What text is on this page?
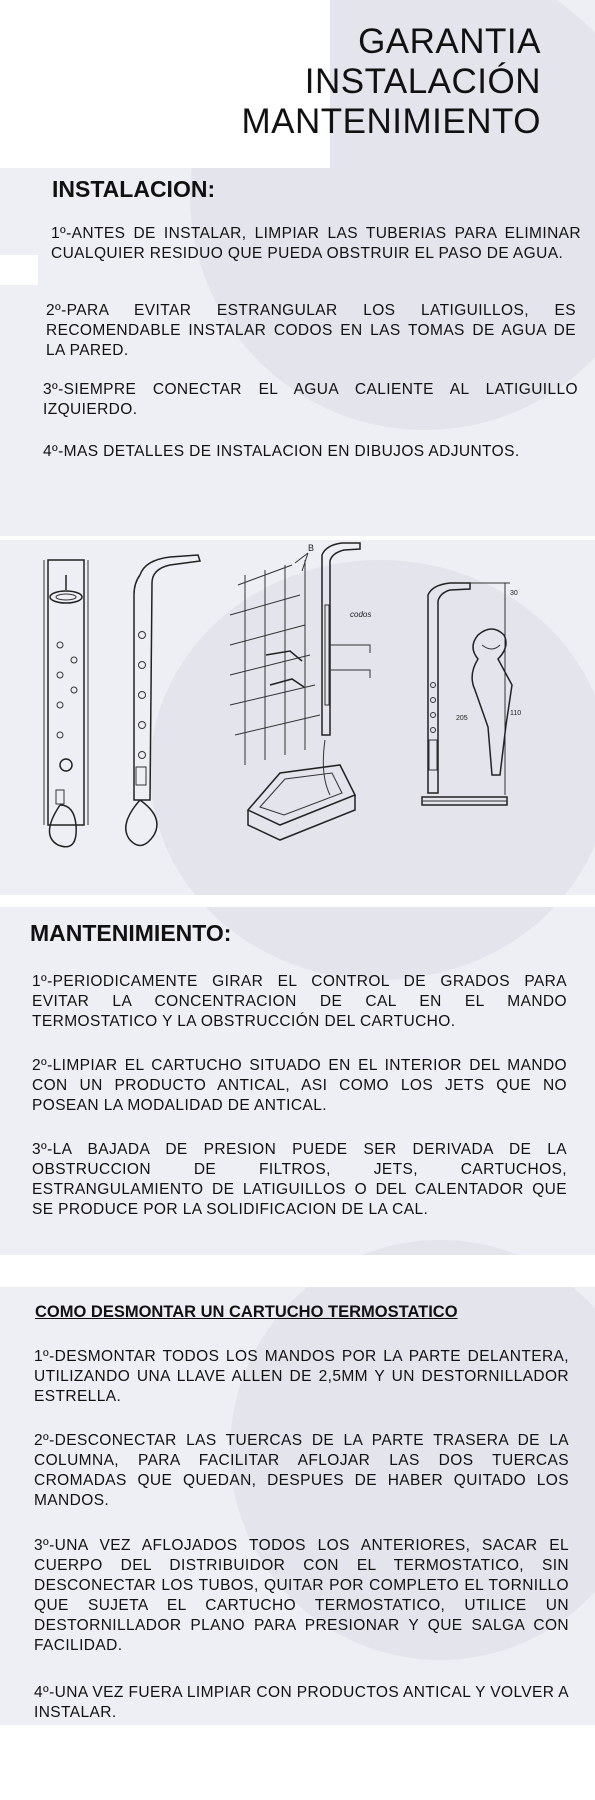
GARANTIA
INSTALACIÓN
MANTENIMIENTO
INSTALACION:

1º-ANTES DE INSTALAR, LIMPIAR LAS TUBERIAS PARA ELIMINAR CUALQUIER RESIDUO QUE PUEDA OBSTRUIR EL PASO DE AGUA.

2º-PARA EVITAR ESTRANGULAR LOS LATIGUILLOS, ES RECOMENDABLE INSTALAR CODOS EN LAS TOMAS DE AGUA DE LA PARED.

3º-SIEMPRE CONECTAR EL AGUA CALIENTE AL LATIGUILLO IZQUIERDO.

4º-MAS DETALLES DE INSTALACION EN DIBUJOS ADJUNTOS.

B
codos
30
110
205
MANTENIMIENTO:

1º-PERIODICAMENTE GIRAR EL CONTROL DE GRADOS PARA EVITAR LA CONCENTRACION DE CAL EN EL MANDO TERMOSTATICO Y LA OBSTRUCCIÓN DEL CARTUCHO.

2º-LIMPIAR EL CARTUCHO SITUADO EN EL INTERIOR DEL MANDO CON UN PRODUCTO ANTICAL, ASI COMO LOS JETS QUE NO POSEAN LA MODALIDAD DE ANTICAL.

3º-LA BAJADA DE PRESION PUEDE SER DERIVADA DE LA OBSTRUCCION DE FILTROS, JETS, CARTUCHOS, ESTRANGULAMIENTO DE LATIGUILLOS O DEL CALENTADOR QUE SE PRODUCE POR LA SOLIDIFICACION DE LA CAL.

COMO DESMONTAR UN CARTUCHO TERMOSTATICO

1º-DESMONTAR TODOS LOS MANDOS POR LA PARTE DELANTERA, UTILIZANDO UNA LLAVE ALLEN DE 2,5MM Y UN DESTORNILLADOR ESTRELLA.

2º-DESCONECTAR LAS TUERCAS DE LA PARTE TRASERA DE LA COLUMNA, PARA FACILITAR AFLOJAR LAS DOS TUERCAS CROMADAS QUE QUEDAN, DESPUES DE HABER QUITADO LOS MANDOS.

3º-UNA VEZ AFLOJADOS TODOS LOS ANTERIORES, SACAR EL CUERPO DEL DISTRIBUIDOR CON EL TERMOSTATICO, SIN DESCONECTAR LOS TUBOS, QUITAR POR COMPLETO EL TORNILLO QUE SUJETA EL CARTUCHO TERMOSTATICO, UTILICE UN DESTORNILLADOR PLANO PARA PRESIONAR Y QUE SALGA CON FACILIDAD.

4º-UNA VEZ FUERA LIMPIAR CON PRODUCTOS ANTICAL Y VOLVER A INSTALAR.
